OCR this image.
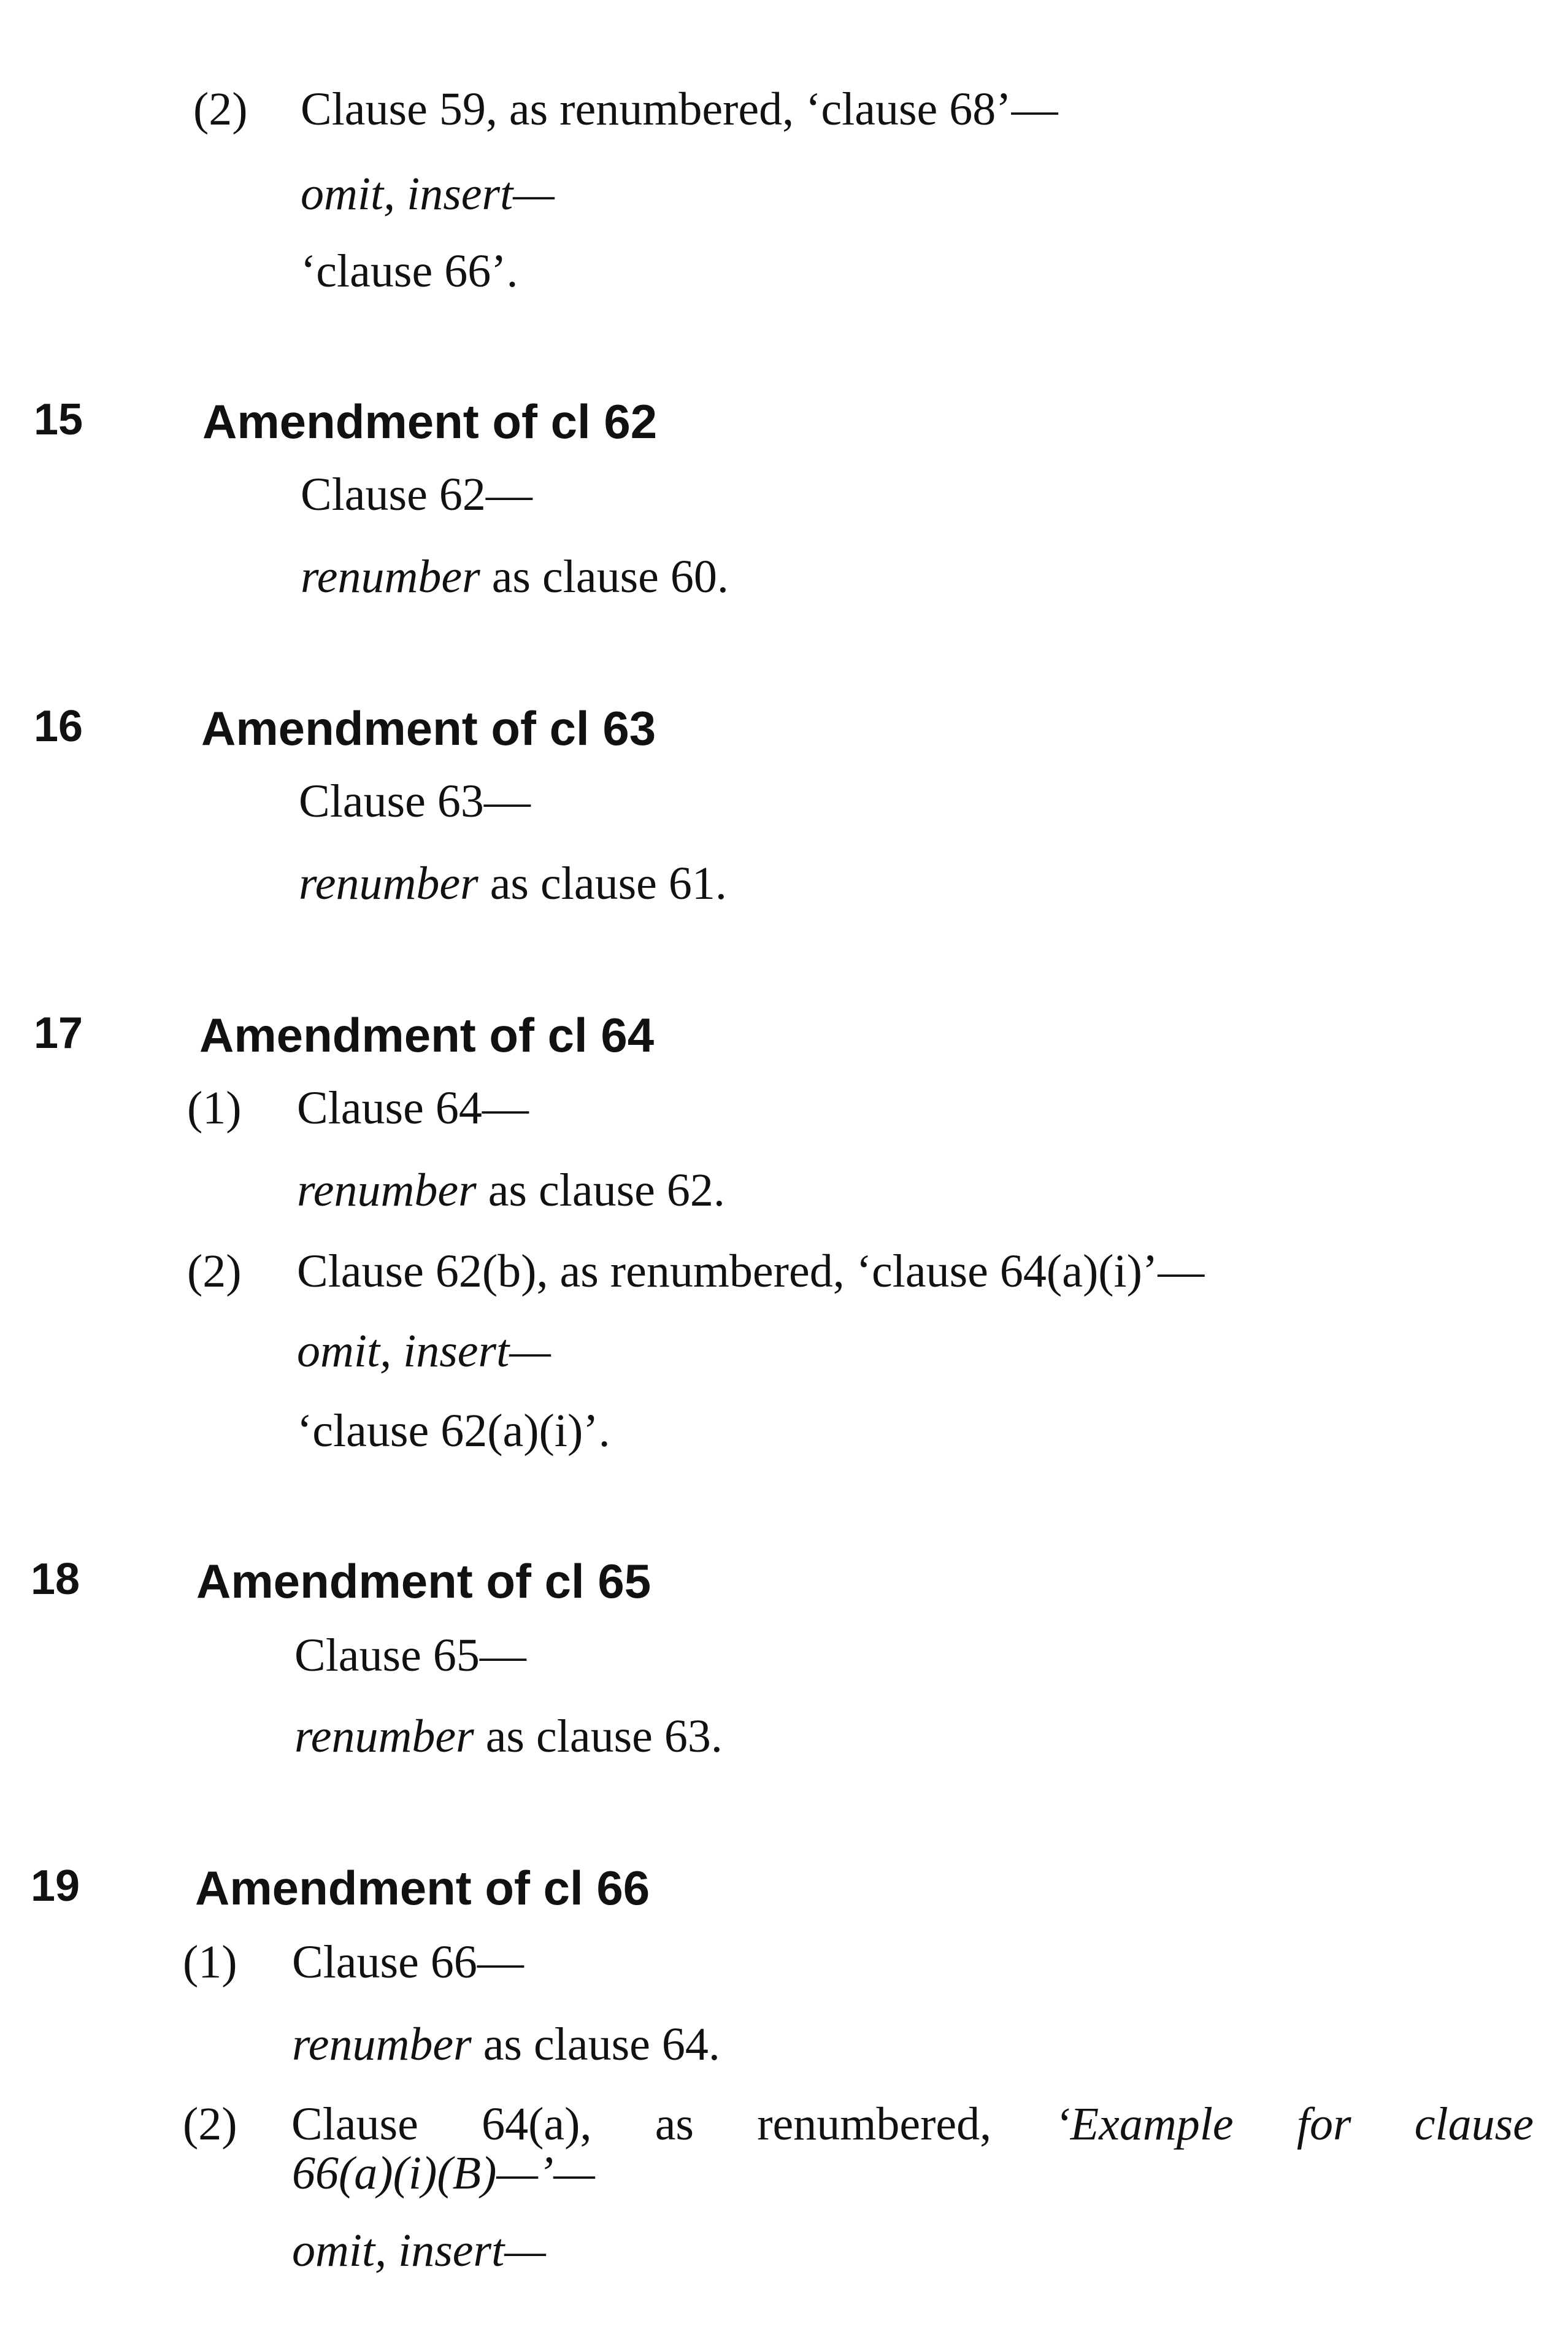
(2) Clause 59, as renumbered, ‘clause 68’—
omit, insert—
‘clause 66’.
15 Amendment of cl 62
Clause 62—
renumber as clause 60.
16 Amendment of cl 63
Clause 63—
renumber as clause 61.
17 Amendment of cl 64
(1) Clause 64—
renumber as clause 62.
(2) Clause 62(b), as renumbered, ‘clause 64(a)(i)’—
omit, insert—
‘clause 62(a)(i)’.
18 Amendment of cl 65
Clause 65—
renumber as clause 63.
19 Amendment of cl 66
(1) Clause 66—
renumber as clause 64.
(2) Clause 64(a), as renumbered, ‘Example for clause
66(a)(i)(B)—’—
omit, insert—
